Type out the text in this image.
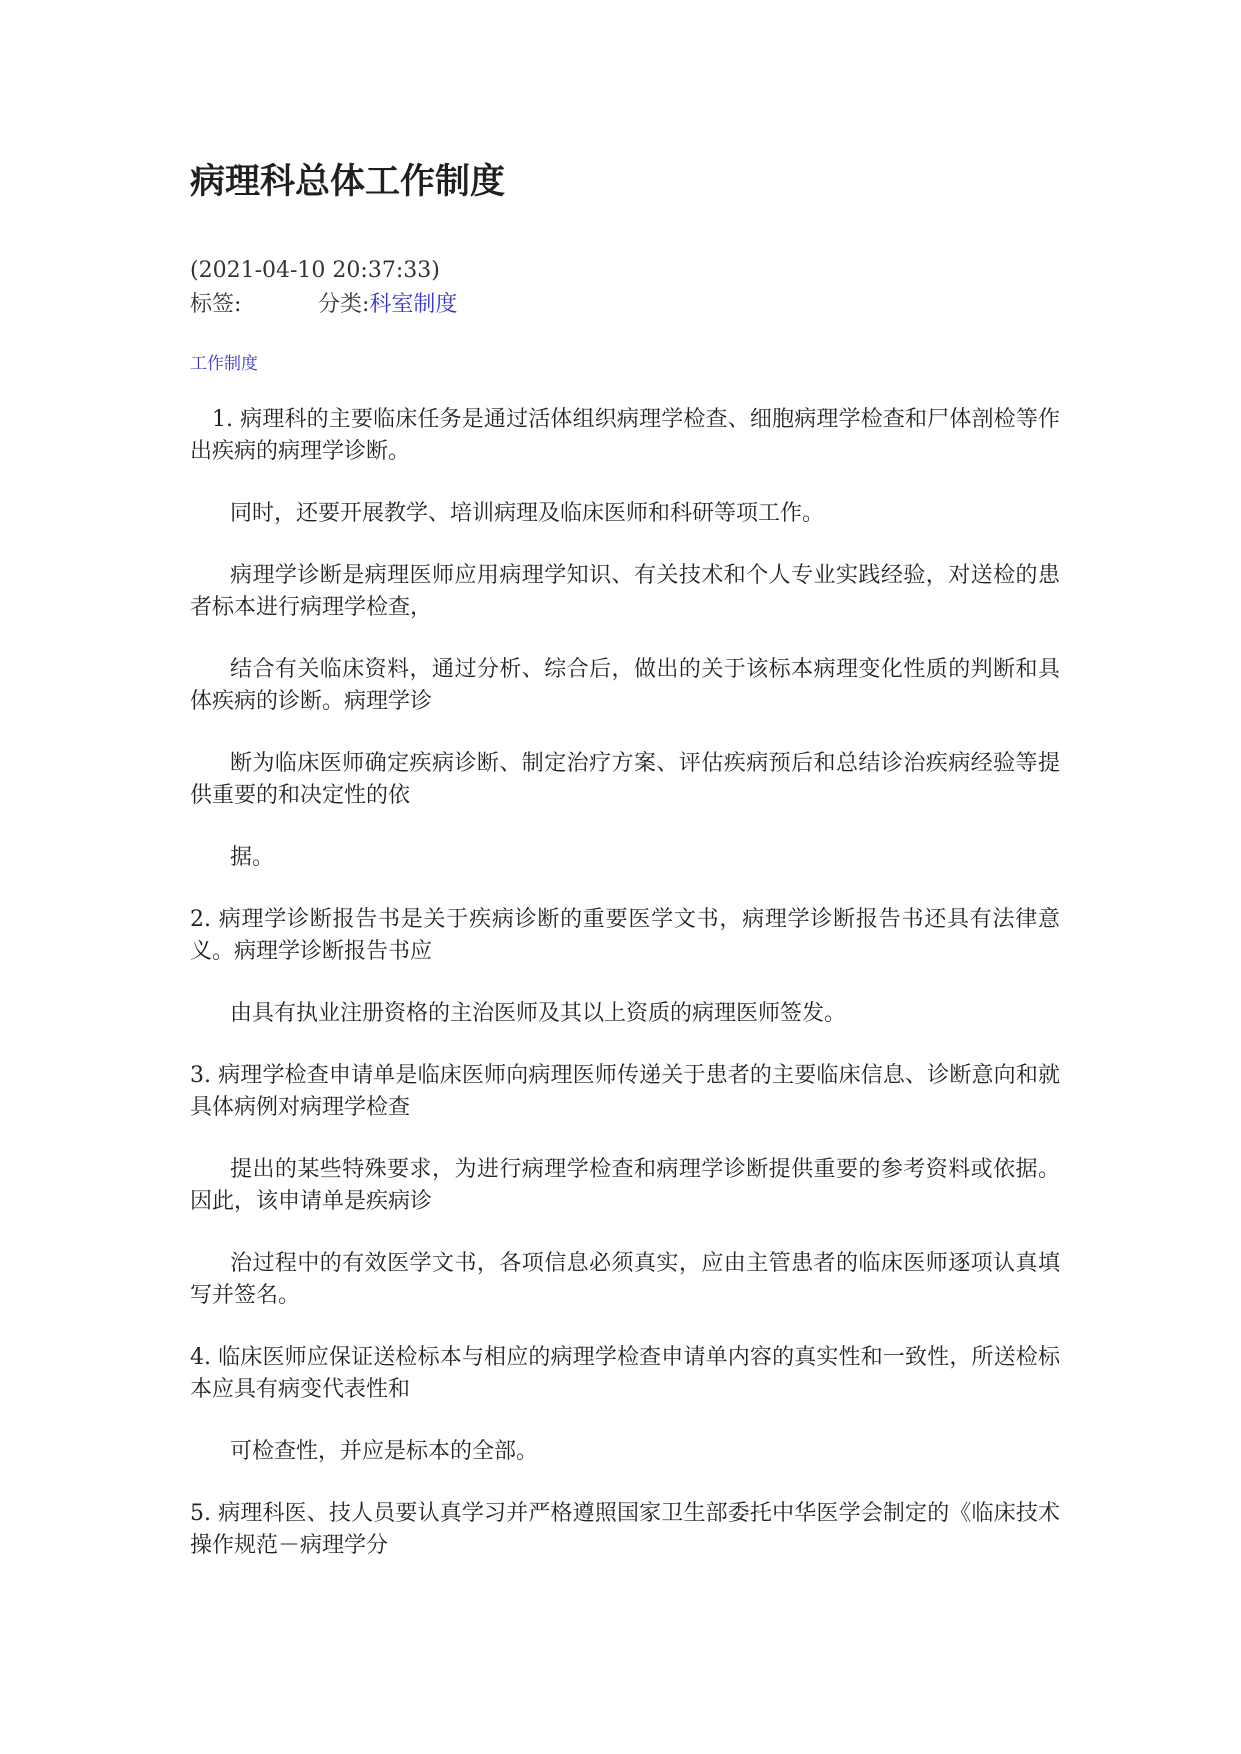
病理科总体工作制度
(2021-04-10 20:37:33)
标签:	分类: 科室制度
工作制度

1. 病理科的主要临床任务是通过活体组织病理学检查、细胞病理学检查和尸体剖检等作出疾病的病理学诊断。

同时，还要开展教学、培训病理及临床医师和科研等项工作。

病理学诊断是病理医师应用病理学知识、有关技术和个人专业实践经验，对送检的患者标本进行病理学检查，

结合有关临床资料，通过分析、综合后，做出的关于该标本病理变化性质的判断和具体疾病的诊断。病理学诊

断为临床医师确定疾病诊断、制定治疗方案、评估疾病预后和总结诊治疾病经验等提供重要的和决定性的依

据。

2. 病理学诊断报告书是关于疾病诊断的重要医学文书，病理学诊断报告书还具有法律意义。病理学诊断报告书应

由具有执业注册资格的主治医师及其以上资质的病理医师签发。

3. 病理学检查申请单是临床医师向病理医师传递关于患者的主要临床信息、诊断意向和就具体病例对病理学检查

提出的某些特殊要求，为进行病理学检查和病理学诊断提供重要的参考资料或依据。因此，该申请单是疾病诊

治过程中的有效医学文书，各项信息必须真实，应由主管患者的临床医师逐项认真填写并签名。

4. 临床医师应保证送检标本与相应的病理学检查申请单内容的真实性和一致性，所送检标本应具有病变代表性和

可检查性，并应是标本的全部。

5. 病理科医、技人员要认真学习并严格遵照国家卫生部委托中华医学会制定的《临床技术操作规范－病理学分
